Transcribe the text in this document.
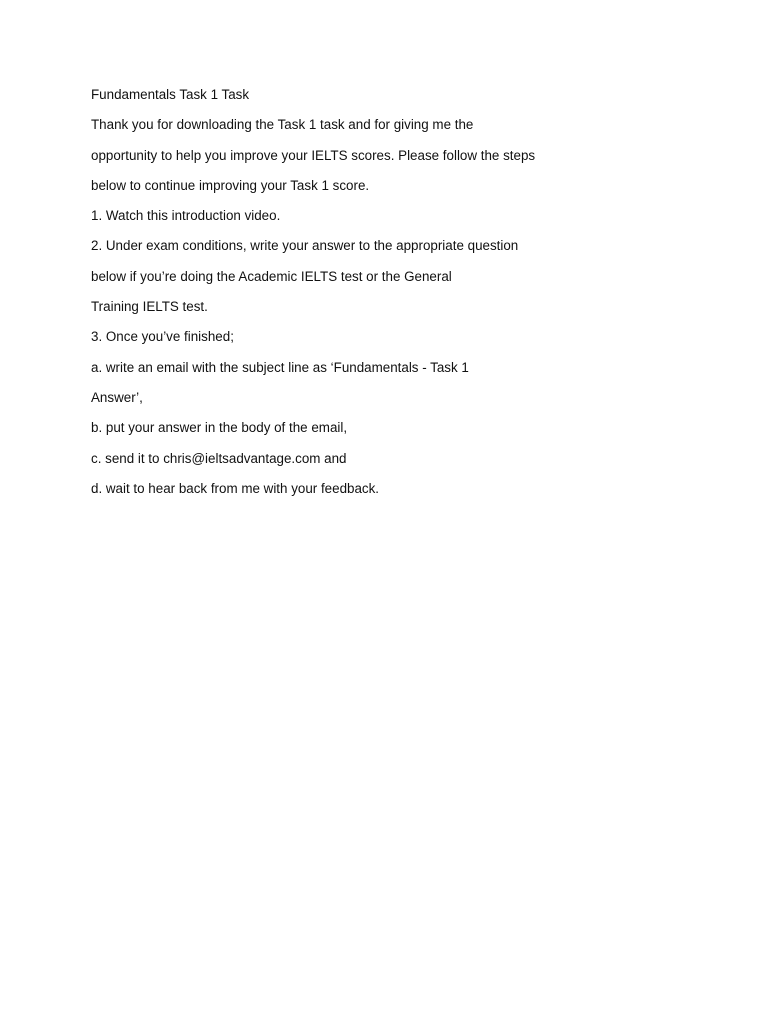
Fundamentals Task 1 Task
Thank you for downloading the Task 1 task and for giving me the
opportunity to help you improve your IELTS scores. Please follow the steps
below to continue improving your Task 1 score.
1. Watch this introduction video.
2. Under exam conditions, write your answer to the appropriate question
below if you’re doing the Academic IELTS test or the General
Training IELTS test.
3. Once you’ve finished;
a. write an email with the subject line as ‘Fundamentals - Task 1
Answer’,
b. put your answer in the body of the email,
c. send it to chris@ieltsadvantage.com and
d. wait to hear back from me with your feedback.
